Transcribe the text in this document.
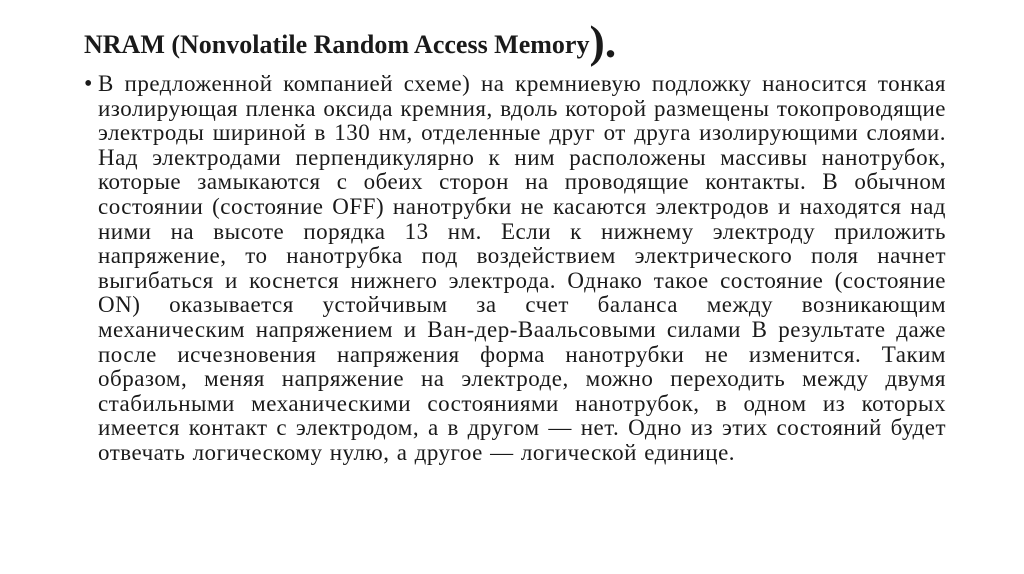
NRAM (Nonvolatile Random Access Memory).
• В предложенной компанией схеме) на кремниевую подложку наносится тонкая изолирующая пленка оксида кремния, вдоль которой размещены токопроводящие электроды шириной в 130 нм, отделенные друг от друга изолирующими слоями. Над электродами перпендикулярно к ним расположены массивы нанотрубок, которые замыкаются с обеих сторон на проводящие контакты. В обычном состоянии (состояние OFF) нанотрубки не касаются электродов и находятся над ними на высоте порядка 13 нм. Если к нижнему электроду приложить напряжение, то нанотрубка под воздействием электрического поля начнет выгибаться и коснется нижнего электрода. Однако такое состояние (состояние ON) оказывается устойчивым за счет баланса между возникающим механическим напряжением и Ван-дер-Ваальсовыми силами В результате даже после исчезновения напряжения форма нанотрубки не изменится. Таким образом, меняя напряжение на электроде, можно переходить между двумя стабильными механическими состояниями нанотрубок, в одном из которых имеется контакт с электродом, а в другом — нет. Одно из этих состояний будет отвечать логическому нулю, а другое — логической единице.
